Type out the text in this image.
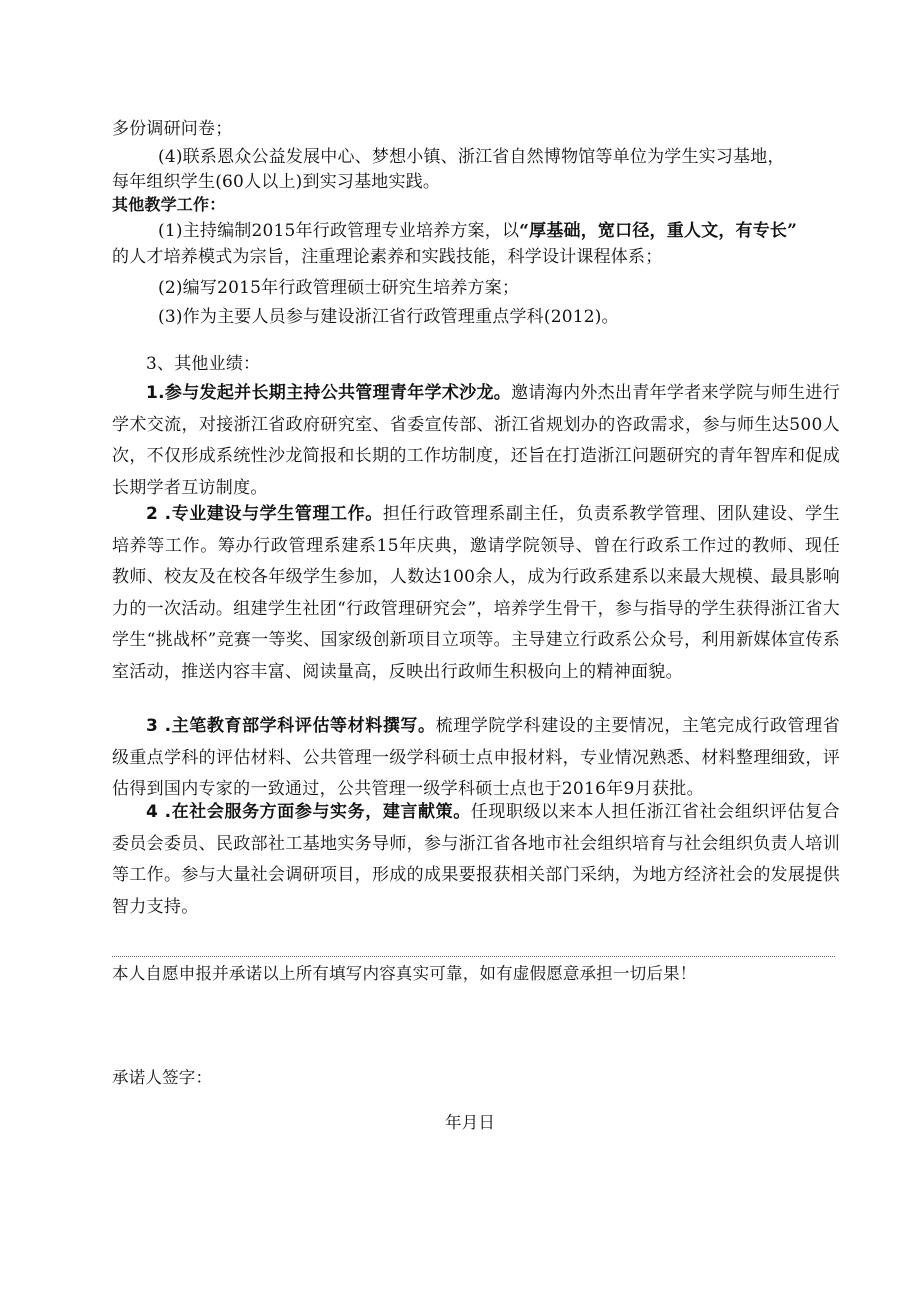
多份调研问卷；
(4)联系恩众公益发展中心、梦想小镇、浙江省自然博物馆等单位为学生实习基地，
每年组织学生(60人以上)到实习基地实践。
其他教学工作：
(1)主持编制2015年行政管理专业培养方案，以“厚基础，宽口径，重人文，有专长”
的人才培养模式为宗旨，注重理论素养和实践技能，科学设计课程体系；
(2)编写2015年行政管理硕士研究生培养方案；
(3)作为主要人员参与建设浙江省行政管理重点学科(2012)。
3、其他业绩：
1.参与发起并长期主持公共管理青年学术沙龙。邀请海内外杰出青年学者来学院与师生进行学术交流，对接浙江省政府研究室、省委宣传部、浙江省规划办的咨政需求，参与师生达500人次，不仅形成系统性沙龙简报和长期的工作坊制度，还旨在打造浙江问题研究的青年智库和促成长期学者互访制度。
2 .专业建设与学生管理工作。担任行政管理系副主任，负责系教学管理、团队建设、学生培养等工作。筹办行政管理系建系15年庆典，邀请学院领导、曾在行政系工作过的教师、现任教师、校友及在校各年级学生参加，人数达100余人，成为行政系建系以来最大规模、最具影响力的一次活动。组建学生社团“行政管理研究会”，培养学生骨干，参与指导的学生获得浙江省大学生“挑战杯”竞赛一等奖、国家级创新项目立项等。主导建立行政系公众号，利用新媒体宣传系室活动，推送内容丰富、阅读量高，反映出行政师生积极向上的精神面貌。
3 .主笔教育部学科评估等材料撰写。梳理学院学科建设的主要情况，主笔完成行政管理省级重点学科的评估材料、公共管理一级学科硕士点申报材料，专业情况熟悉、材料整理细致，评估得到国内专家的一致通过，公共管理一级学科硕士点也于2016年9月获批。
4 .在社会服务方面参与实务，建言献策。任现职级以来本人担任浙江省社会组织评估复合委员会委员、民政部社工基地实务导师，参与浙江省各地市社会组织培育与社会组织负责人培训等工作。参与大量社会调研项目，形成的成果要报获相关部门采纳，为地方经济社会的发展提供智力支持。
本人自愿申报并承诺以上所有填写内容真实可靠，如有虚假愿意承担一切后果！
承诺人签字：
年月日
